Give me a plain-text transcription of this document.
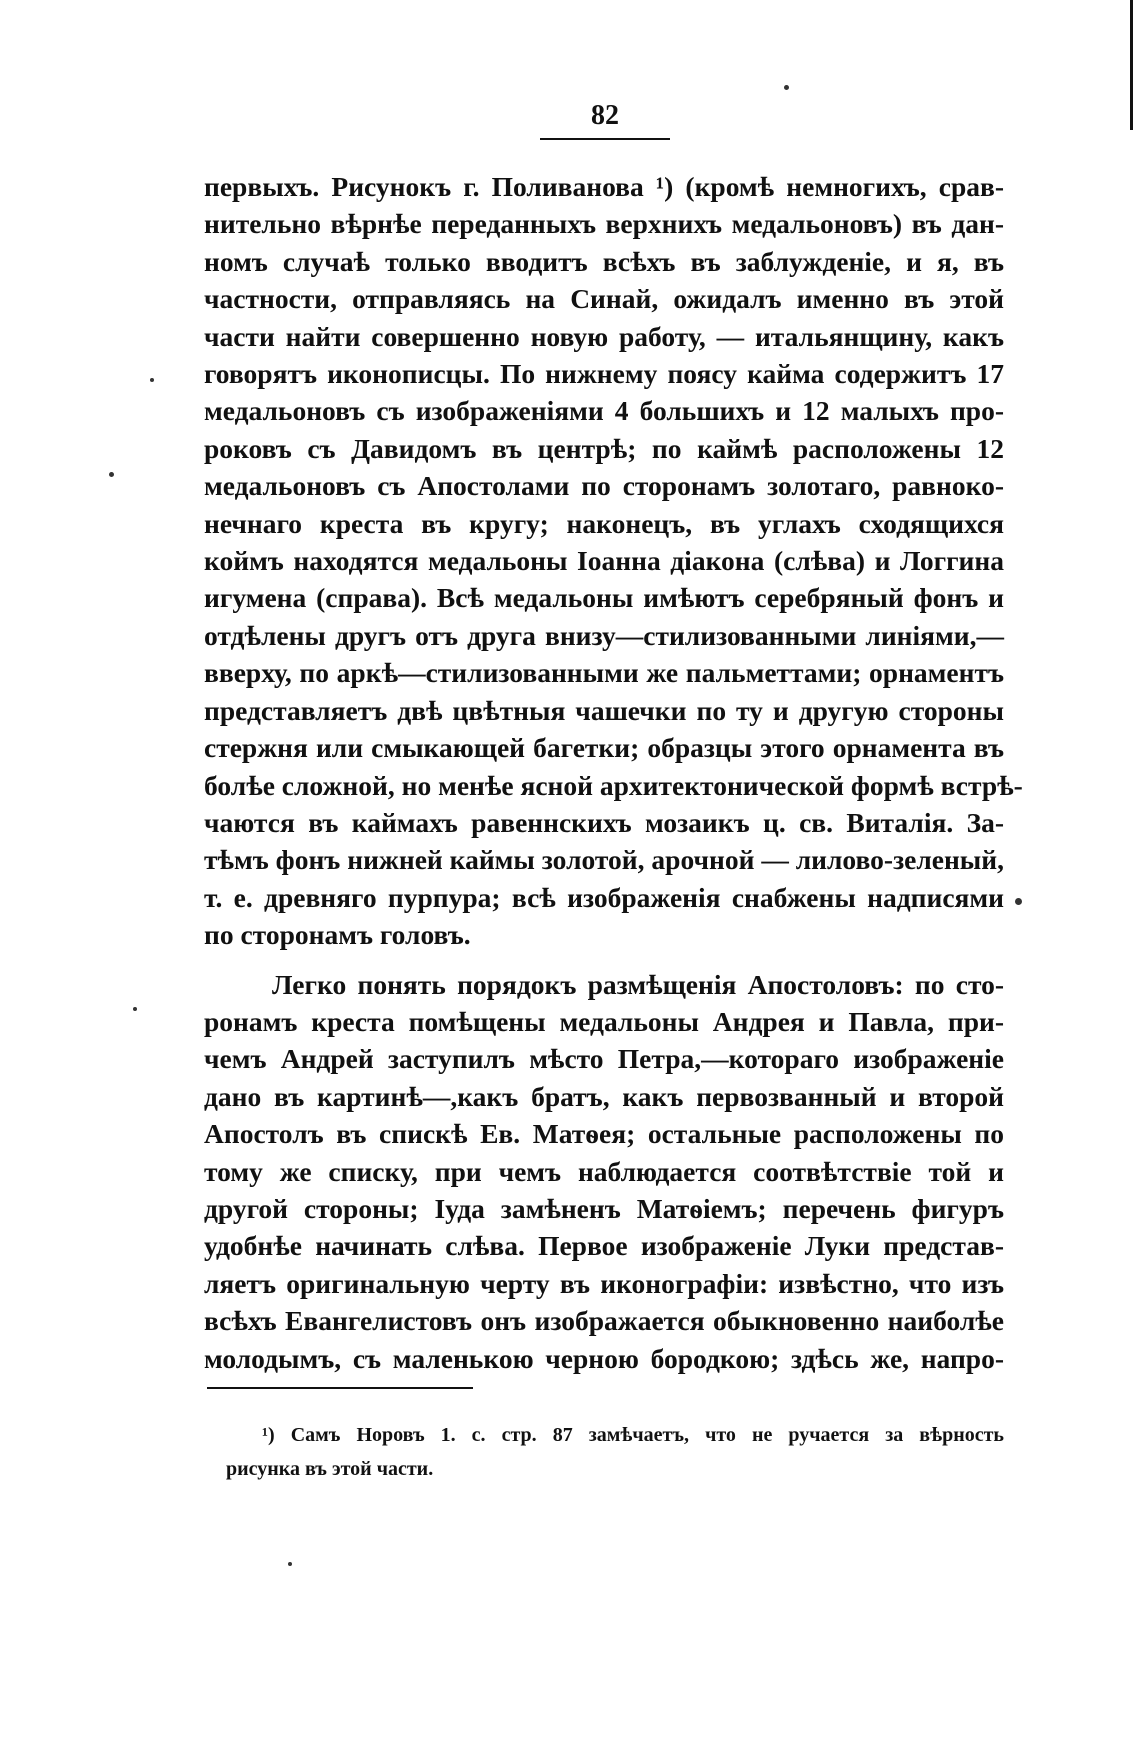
82
первыхъ. Рисунокъ г. Поливанова ¹) (кромѣ немногихъ, срав-
нительно вѣрнѣе переданныхъ верхнихъ медальоновъ) въ дан-
номъ случаѣ только вводитъ всѣхъ въ заблужденіе, и я, въ
частности, отправляясь на Синай, ожидалъ именно въ этой
части найти совершенно новую работу, — итальянщину, какъ
говорятъ иконописцы. По нижнему поясу кайма содержитъ 17
медальоновъ съ изображеніями 4 большихъ и 12 малыхъ про-
роковъ съ Давидомъ въ центрѣ; по каймѣ расположены 12
медальоновъ съ Апостолами по сторонамъ золотаго, равноко-
нечнаго креста въ кругу; наконецъ, въ углахъ сходящихся
коймъ находятся медальоны Іоанна діакона (слѣва) и Логгина
игумена (справа). Всѣ медальоны имѣютъ серебряный фонъ и
отдѣлены другъ отъ друга внизу—стилизованными линіями,—
вверху, по аркѣ—стилизованными же пальметтами; орнаментъ
представляетъ двѣ цвѣтныя чашечки по ту и другую стороны
стержня или смыкающей багетки; образцы этого орнамента въ
болѣе сложной, но менѣе ясной архитектонической формѣ встрѣ-
чаются въ каймахъ равеннскихъ мозаикъ ц. св. Виталія. За-
тѣмъ фонъ нижней каймы золотой, арочной — лилово-зеленый,
т. е. древняго пурпура; всѣ изображенія снабжены надписями
по сторонамъ головъ.
Легко понять порядокъ размѣщенія Апостоловъ: по сто-
ронамъ креста помѣщены медальоны Андрея и Павла, при-
чемъ Андрей заступилъ мѣсто Петра,—котораго изображеніе
дано въ картинѣ—,какъ братъ, какъ первозванный и второй
Апостолъ въ спискѣ Ев. Матѳея; остальные расположены по
тому же списку, при чемъ наблюдается соотвѣтствіе той и
другой стороны; Іуда замѣненъ Матѳіемъ; перечень фигуръ
удобнѣе начинать слѣва. Первое изображеніе Луки представ-
ляетъ оригинальную черту въ иконографіи: извѣстно, что изъ
всѣхъ Евангелистовъ онъ изображается обыкновенно наиболѣе
молодымъ, съ маленькою черною бородкою; здѣсь же, напро-
¹) Самъ Норовъ 1. с. стр. 87 замѣчаетъ, что не ручается за вѣрность
рисунка въ этой части.
